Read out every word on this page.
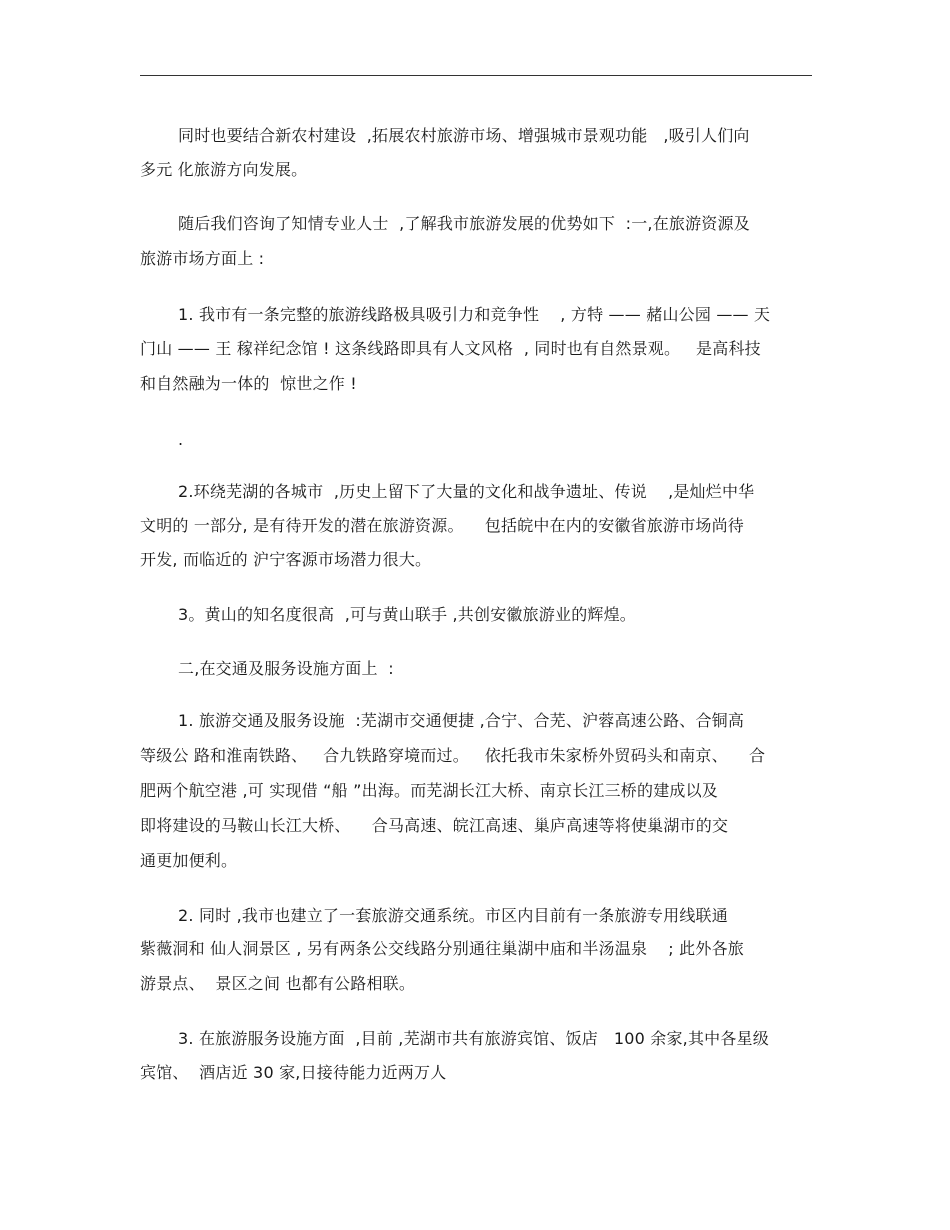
同时也要结合新农村建设  ,拓展农村旅游市场、增强城市景观功能   ,吸引人们向
多元 化旅游方向发展。
随后我们咨询了知情专业人士  ,了解我市旅游发展的优势如下  :一,在旅游资源及
旅游市场方面上 :
1. 我市有一条完整的旅游线路极具吸引力和竞争性    , 方特 —— 赭山公园 —— 天
门山 —— 王 稼祥纪念馆 ! 这条线路即具有人文风格  , 同时也有自然景观。   是高科技
和自然融为一体的  惊世之作 !
.
2.环绕芜湖的各城市  ,历史上留下了大量的文化和战争遗址、传说    ,是灿烂中华
文明的 一部分, 是有待开发的潜在旅游资源。    包括皖中在内的安徽省旅游市场尚待
开发, 而临近的 沪宁客源市场潜力很大。
3。黄山的知名度很高  ,可与黄山联手 ,共创安徽旅游业的辉煌。
二,在交通及服务设施方面上  :
1. 旅游交通及服务设施  :芜湖市交通便捷 ,合宁、合芜、沪蓉高速公路、合铜高
等级公 路和淮南铁路、   合九铁路穿境而过。   依托我市朱家桥外贸码头和南京、    合
肥两个航空港 ,可 实现借 “船 ”出海。而芜湖长江大桥、南京长江三桥的建成以及
即将建设的马鞍山长江大桥、    合马高速、皖江高速、巢庐高速等将使巢湖市的交
通更加便利。
2. 同时 ,我市也建立了一套旅游交通系统。市区内目前有一条旅游专用线联通
紫薇洞和 仙人洞景区 , 另有两条公交线路分别通往巢湖中庙和半汤温泉    ; 此外各旅
游景点、  景区之间 也都有公路相联。
3. 在旅游服务设施方面  ,目前 ,芜湖市共有旅游宾馆、饭店   100 余家,其中各星级
宾馆、  酒店近 30 家,日接待能力近两万人
